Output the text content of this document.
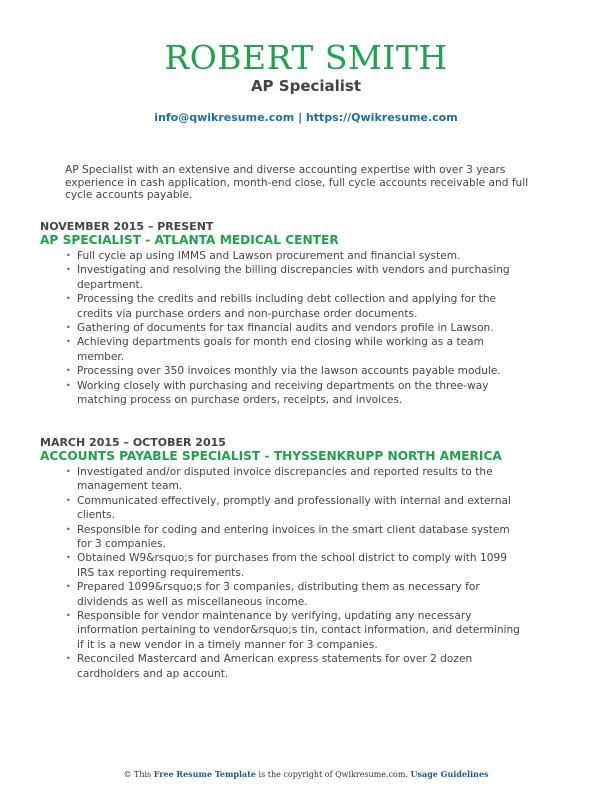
ROBERT SMITH
AP Specialist
info@qwikresume.com | https://Qwikresume.com
AP Specialist with an extensive and diverse accounting expertise with over 3 years experience in cash application, month-end close, full cycle accounts receivable and full cycle accounts payable.
NOVEMBER 2015 – PRESENT
AP SPECIALIST - ATLANTA MEDICAL CENTER
• Full cycle ap using IMMS and Lawson procurement and financial system.
• Investigating and resolving the billing discrepancies with vendors and purchasing department.
• Processing the credits and rebills including debt collection and applying for the credits via purchase orders and non-purchase order documents.
• Gathering of documents for tax financial audits and vendors profile in Lawson.
• Achieving departments goals for month end closing while working as a team member.
• Processing over 350 invoices monthly via the lawson accounts payable module.
• Working closely with purchasing and receiving departments on the three-way matching process on purchase orders, receipts, and invoices.
MARCH 2015 – OCTOBER 2015
ACCOUNTS PAYABLE SPECIALIST - THYSSENKRUPP NORTH AMERICA
• Investigated and/or disputed invoice discrepancies and reported results to the management team.
• Communicated effectively, promptly and professionally with internal and external clients.
• Responsible for coding and entering invoices in the smart client database system for 3 companies.
• Obtained W9&rsquo;s for purchases from the school district to comply with 1099 IRS tax reporting requirements.
• Prepared 1099&rsquo;s for 3 companies, distributing them as necessary for dividends as well as miscellaneous income.
• Responsible for vendor maintenance by verifying, updating any necessary information pertaining to vendor&rsquo;s tin, contact information, and determining if it is a new vendor in a timely manner for 3 companies.
• Reconciled Mastercard and American express statements for over 2 dozen cardholders and ap account.
© This Free Resume Template is the copyright of Qwikresume.com. Usage Guidelines
